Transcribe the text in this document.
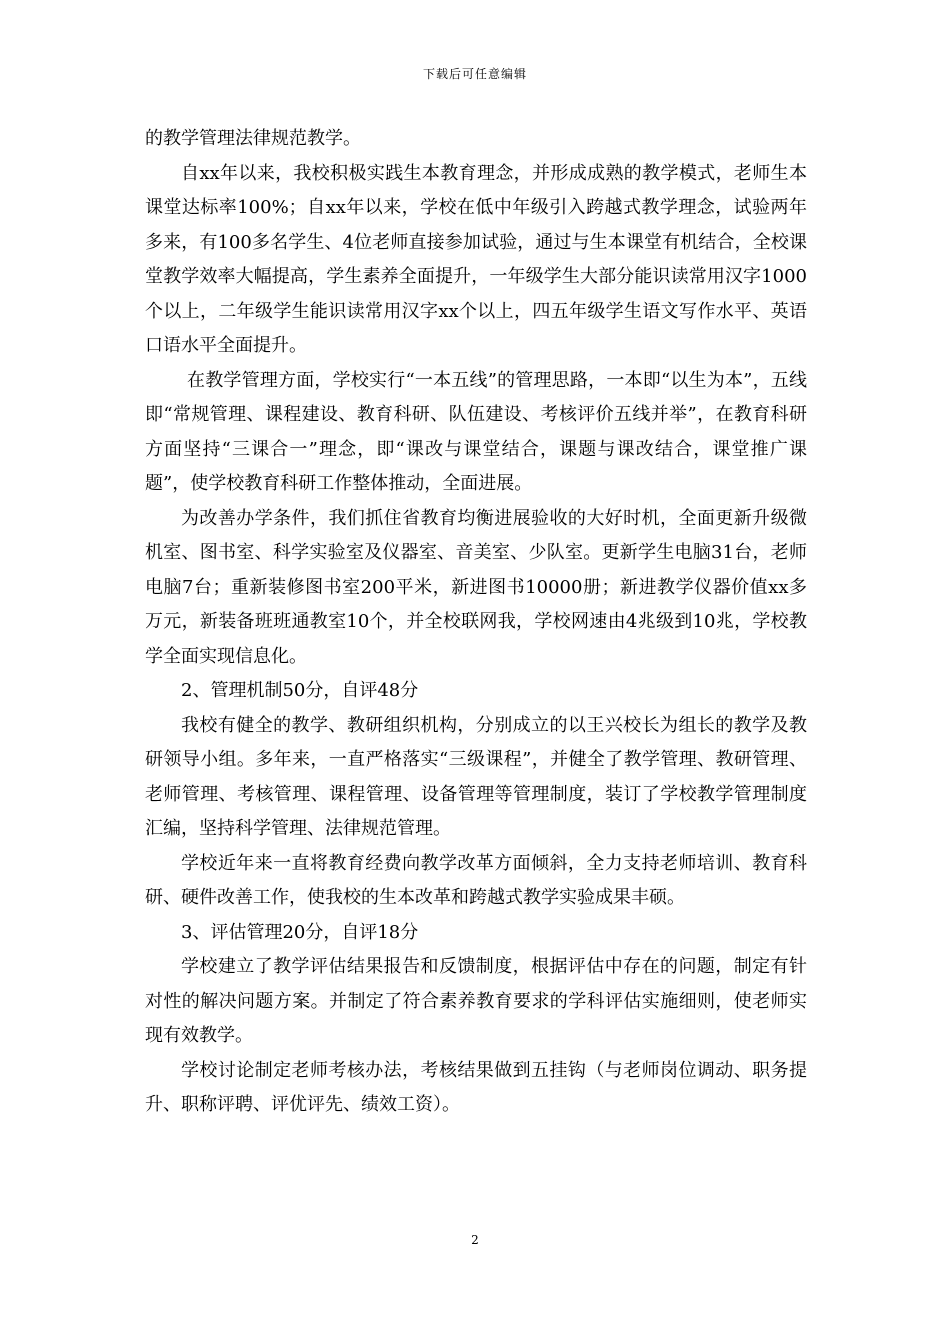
下载后可任意编辑

的教学管理法律规范教学。

自xx年以来，我校积极实践生本教育理念，并形成成熟的教学模式，老师生本课堂达标率100%；自xx年以来，学校在低中年级引入跨越式教学理念，试验两年多来，有100多名学生、4位老师直接参加试验，通过与生本课堂有机结合，全校课堂教学效率大幅提高，学生素养全面提升，一年级学生大部分能识读常用汉字1000个以上，二年级学生能识读常用汉字xx个以上，四五年级学生语文写作水平、英语口语水平全面提升。

在教学管理方面，学校实行“一本五线”的管理思路，一本即“以生为本”，五线即“常规管理、课程建设、教育科研、队伍建设、考核评价五线并举”，在教育科研方面坚持“三课合一”理念，即“课改与课堂结合，课题与课改结合，课堂推广课题”，使学校教育科研工作整体推动，全面进展。

为改善办学条件，我们抓住省教育均衡进展验收的大好时机，全面更新升级微机室、图书室、科学实验室及仪器室、音美室、少队室。更新学生电脑31台，老师电脑7台；重新装修图书室200平米，新进图书10000册；新进教学仪器价值xx多万元，新装备班班通教室10个，并全校联网我，学校网速由4兆级到10兆，学校教学全面实现信息化。

2、管理机制50分，自评48分

我校有健全的教学、教研组织机构，分别成立的以王兴校长为组长的教学及教研领导小组。多年来，一直严格落实“三级课程”，并健全了教学管理、教研管理、老师管理、考核管理、课程管理、设备管理等管理制度，装订了学校教学管理制度汇编，坚持科学管理、法律规范管理。

学校近年来一直将教育经费向教学改革方面倾斜，全力支持老师培训、教育科研、硬件改善工作，使我校的生本改革和跨越式教学实验成果丰硕。

3、评估管理20分，自评18分

学校建立了教学评估结果报告和反馈制度，根据评估中存在的问题，制定有针对性的解决问题方案。并制定了符合素养教育要求的学科评估实施细则，使老师实现有效教学。

学校讨论制定老师考核办法，考核结果做到五挂钩（与老师岗位调动、职务提升、职称评聘、评优评先、绩效工资）。

2
